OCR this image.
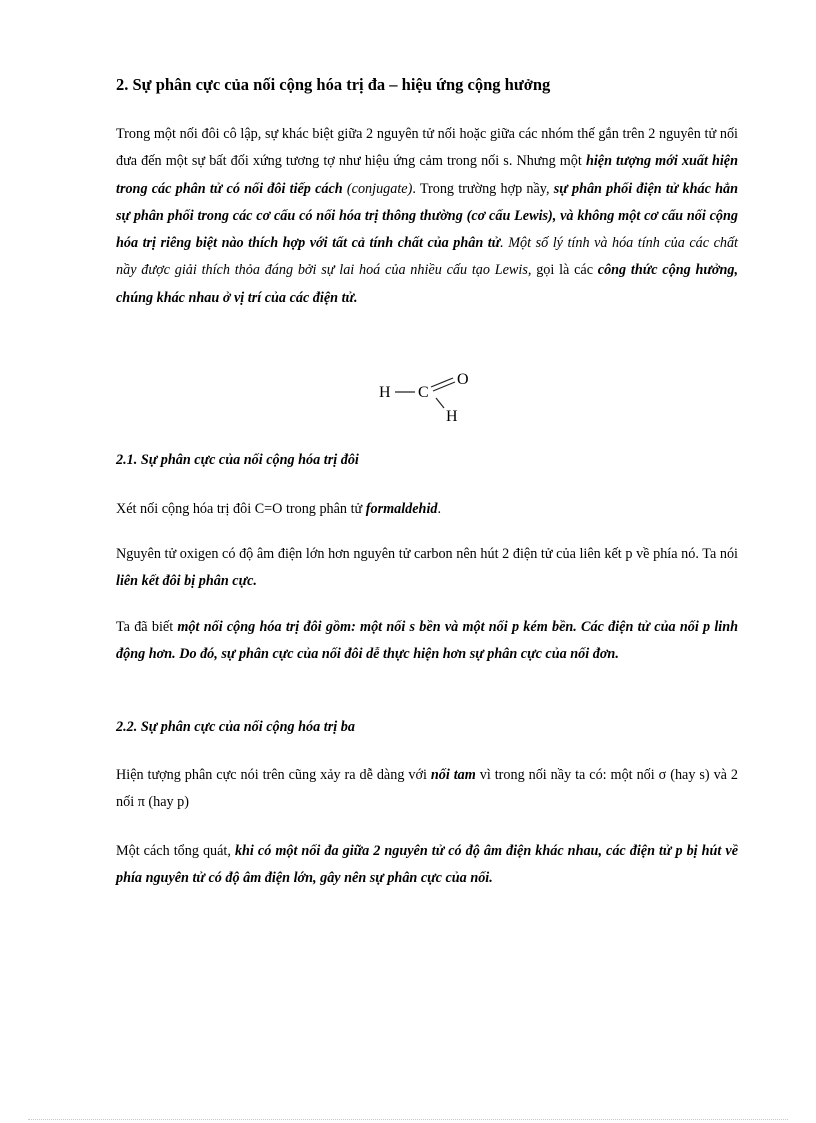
2. Sự phân cực của nối cộng hóa trị đa – hiệu ứng cộng hưởng

Trong một nối đôi cô lập, sự khác biệt giữa 2 nguyên tử nối hoặc giữa các nhóm thế gắn trên 2 nguyên tử nối đưa đến một sự bất đối xứng tương tợ như hiệu ứng cảm trong nối s. Nhưng một hiện tượng mới xuất hiện trong các phân tử có nối đôi tiếp cách (conjugate). Trong trường hợp nầy, sự phân phối điện tử khác hẳn sự phân phối trong các cơ cấu có nối hóa trị thông thường (cơ cấu Lewis), và không một cơ cấu nối cộng hóa trị riêng biệt nào thích hợp với tất cả tính chất của phân tử. Một số lý tính và hóa tính của các chất nầy được giải thích thỏa đáng bởi sự lai hoá của nhiều cấu tạo Lewis, gọi là các công thức cộng hưởng, chúng khác nhau ở vị trí của các điện tử.

2.1. Sự phân cực của nối cộng hóa trị đôi

Xét nối cộng hóa trị đôi C=O trong phân tử formaldehid.

Nguyên tử oxigen có độ âm điện lớn hơn nguyên tử carbon nên hút 2 điện tử của liên kết p về phía nó. Ta nói liên kết đôi bị phân cực.

Ta đã biết một nối cộng hóa trị đôi gồm: một nối s bền và một nối p kém bền. Các điện tử của nối p linh động hơn. Do đó, sự phân cực của nối đôi dễ thực hiện hơn sự phân cực của nối đơn.

2.2. Sự phân cực của nối cộng hóa trị ba

Hiện tượng phân cực nói trên cũng xảy ra dễ dàng với nối tam vì trong nối nầy ta có: một nối σ (hay s) và 2 nối π (hay p)

Một cách tổng quát, khi có một nối đa giữa 2 nguyên tử có độ âm điện khác nhau, các điện tử p bị hút về phía nguyên tử có độ âm điện lớn, gây nên sự phân cực của nối.

H C
O
H
